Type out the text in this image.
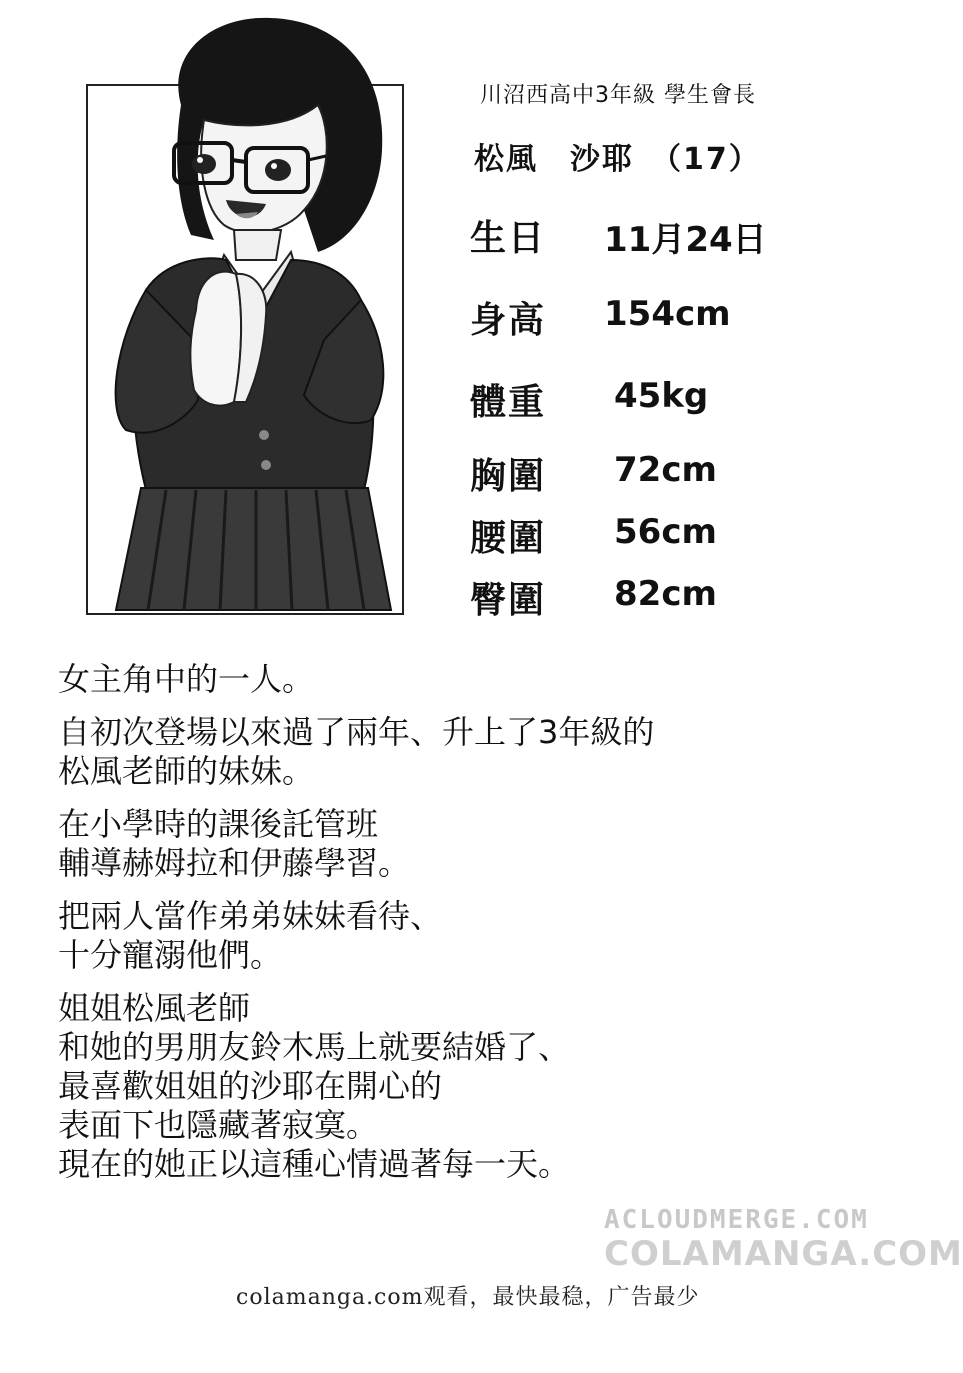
川沼西高中3年級 學生會長
松風　沙耶　（17）
生日 11月24日
身高 154cm
體重 45kg
胸圍 72cm
腰圍 56cm
臀圍 82cm

女主角中的一人。

自初次登場以來過了兩年、升上了3年級的
松風老師的妹妹。

在小學時的課後託管班
輔導赫姆拉和伊藤學習。

把兩人當作弟弟妹妹看待、
十分寵溺他們。

姐姐松風老師
和她的男朋友鈴木馬上就要結婚了、
最喜歡姐姐的沙耶在開心的
表面下也隱藏著寂寞。
現在的她正以這種心情過著每一天。

ACLOUDMERGE.COM
COLAMANGA.COM
colamanga.com观看，最快最稳，广告最少
